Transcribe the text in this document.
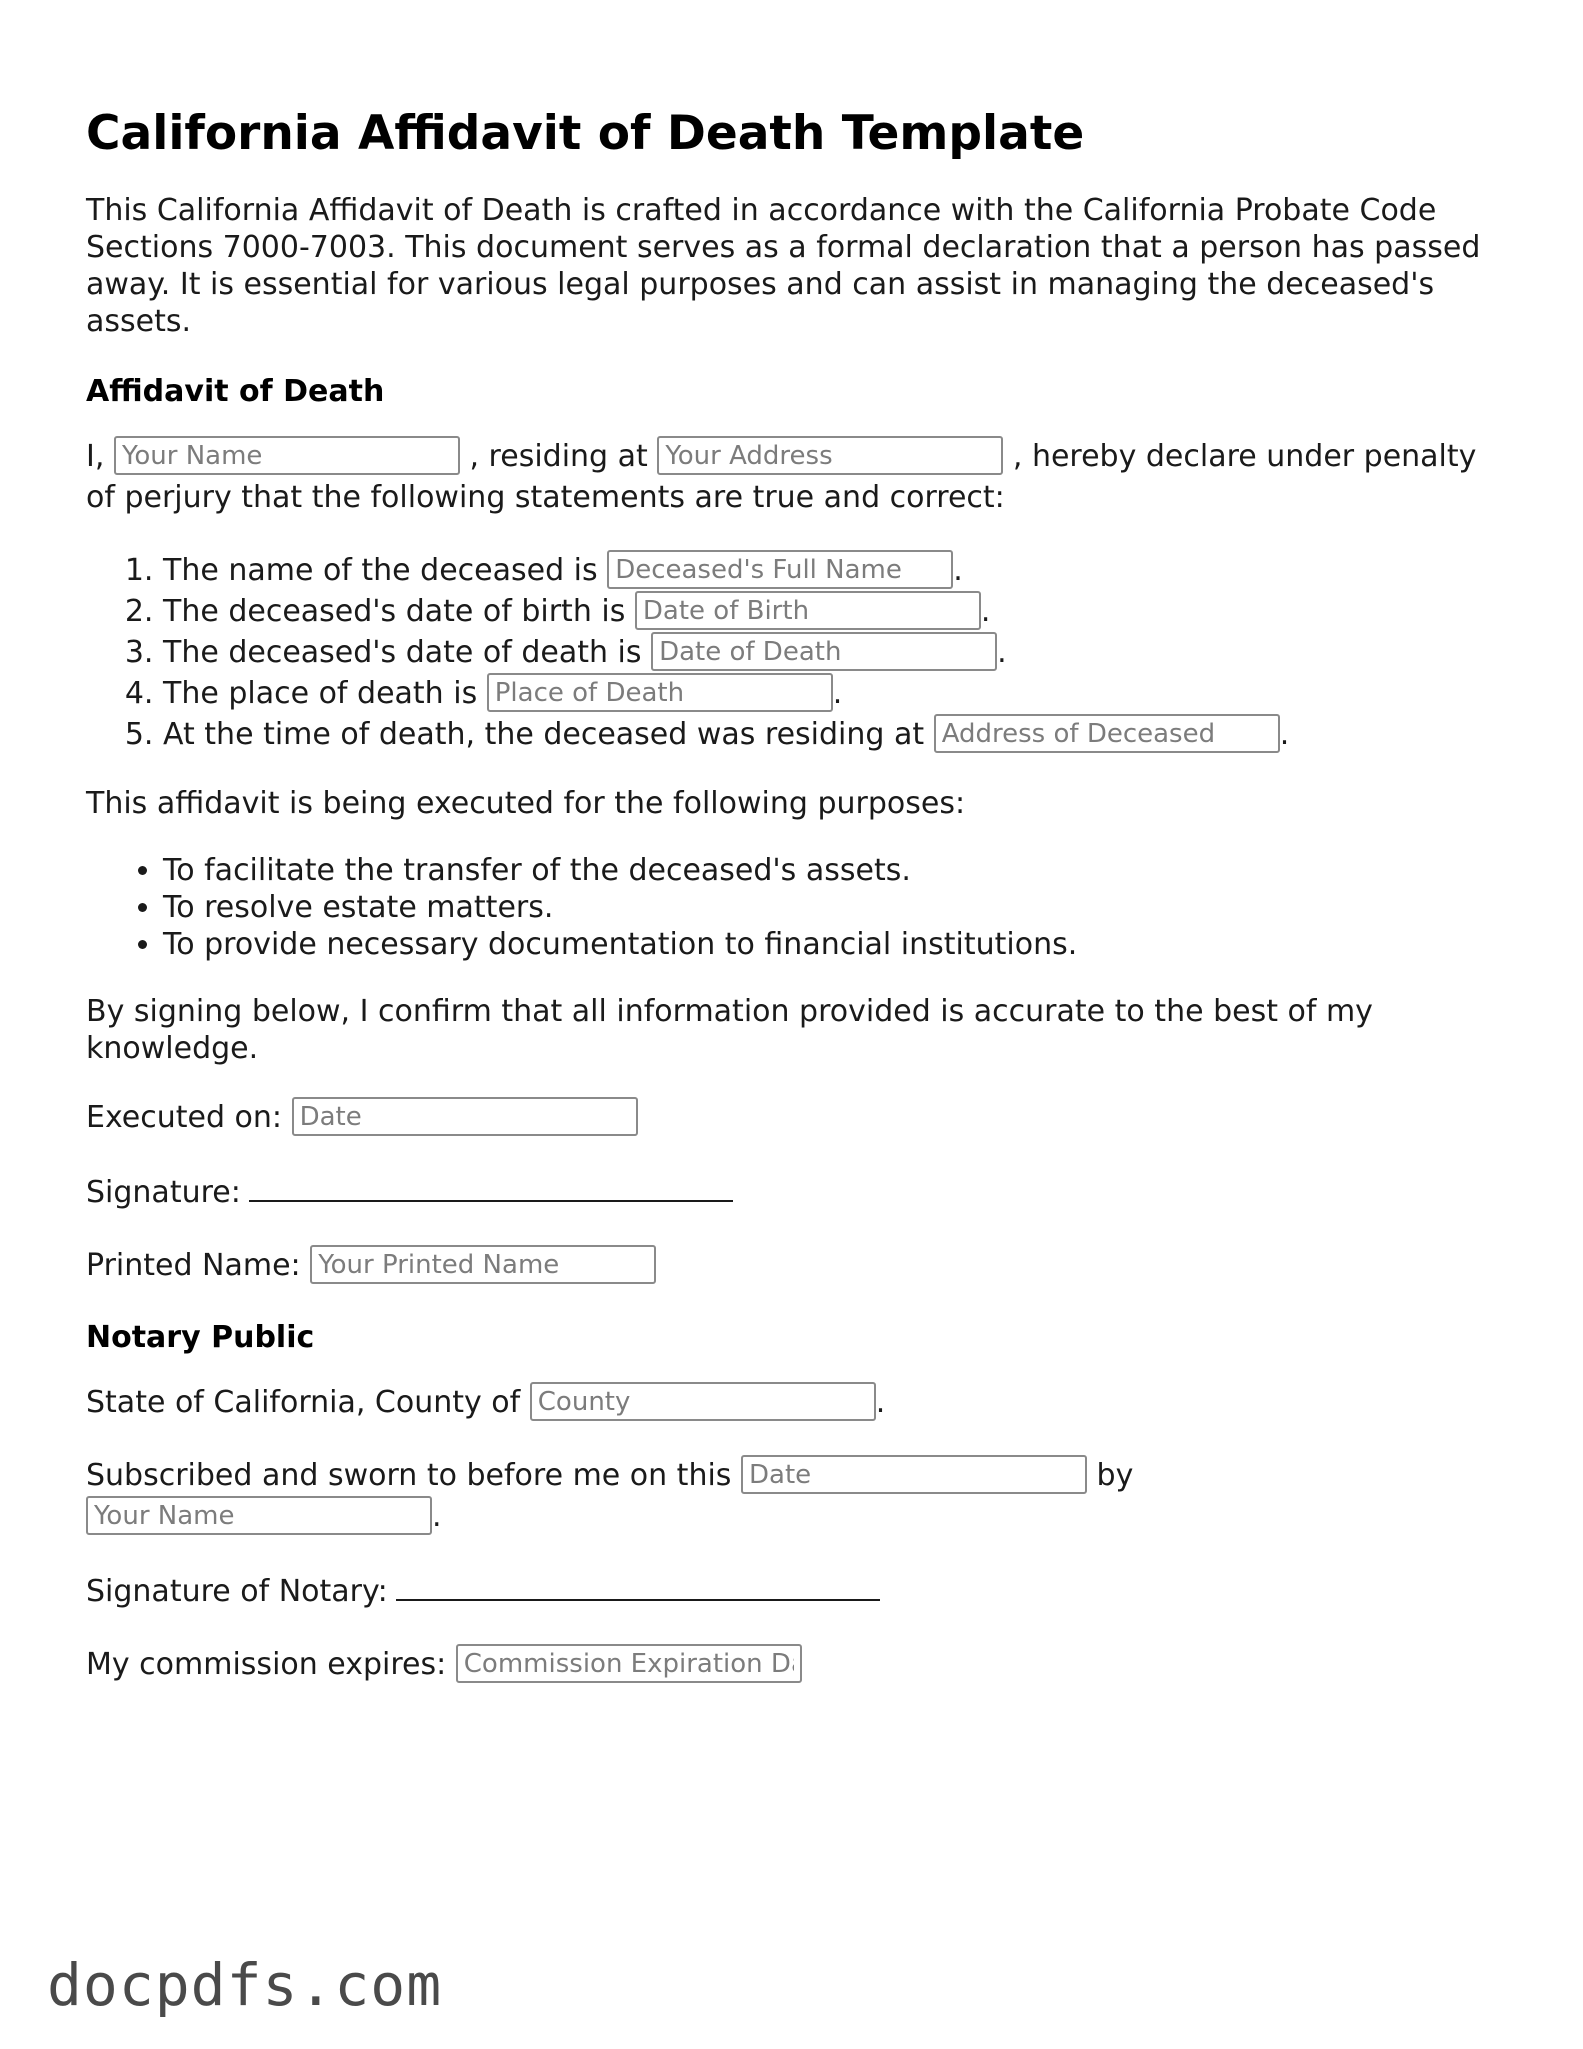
California Affidavit of Death Template

This California Affidavit of Death is crafted in accordance with the California Probate Code Sections 7000-7003. This document serves as a formal declaration that a person has passed away. It is essential for various legal purposes and can assist in managing the deceased's assets.

Affidavit of Death

I, Your Name	, residing at Your Address	, hereby declare under penalty of perjury that the following statements are true and correct:

1. The name of the deceased is Deceased's Full Name	.
2. The deceased's date of birth is Date of Birth	.
3. The deceased's date of death is Date of Death	.
4. The place of death is Place of Death	.
5. At the time of death, the deceased was residing at Address of Deceased	.

This affidavit is being executed for the following purposes:

• To facilitate the transfer of the deceased's assets.
• To resolve estate matters.
• To provide necessary documentation to financial institutions.

By signing below, I confirm that all information provided is accurate to the best of my knowledge.

Executed on: Date
Signature:
Printed Name: Your Printed Name
Notary Public
State of California, County of County	.
Subscribed and sworn to before me on this Date	by
Your Name.
Signature of Notary:
My commission expires: Commission Expiration Date
docpdfs.com
